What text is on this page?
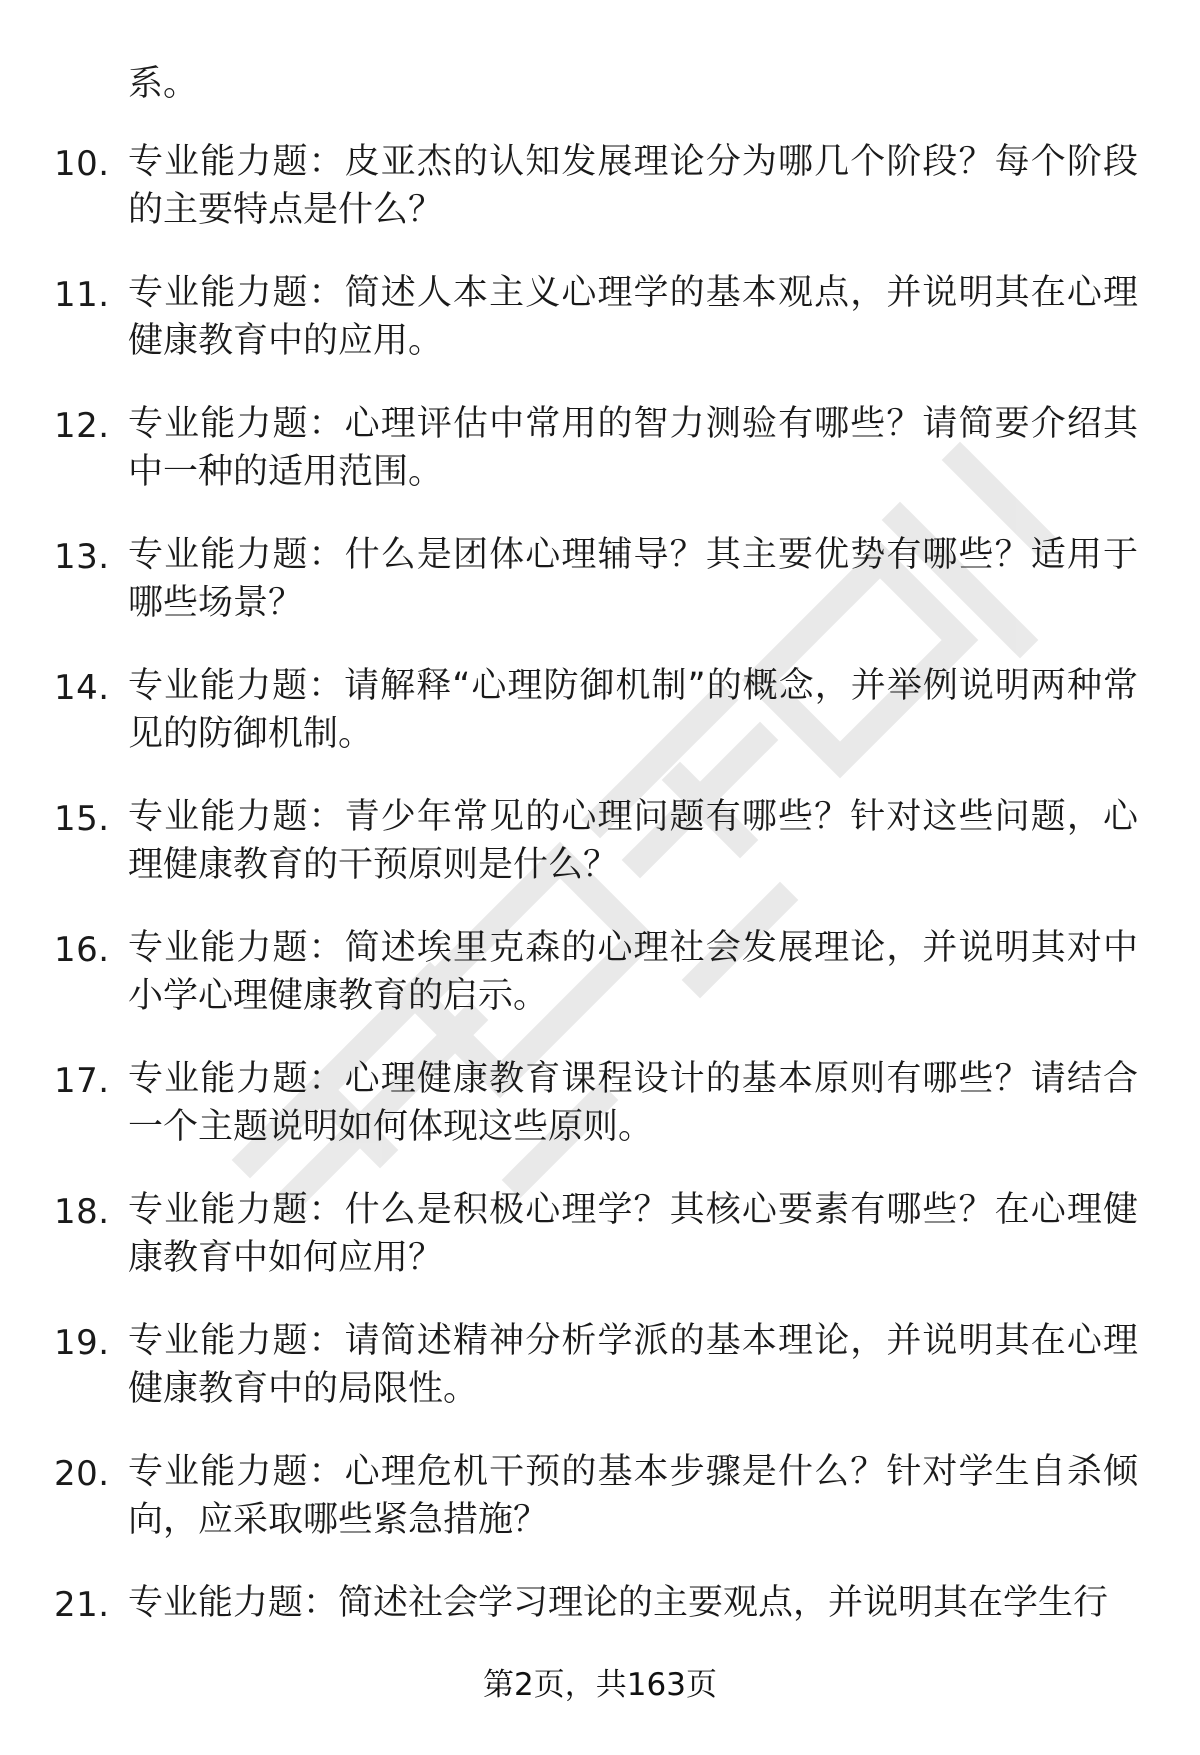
系。

10. 专业能力题：皮亚杰的认知发展理论分为哪几个阶段？每个阶段的主要特点是什么？
11. 专业能力题：简述人本主义心理学的基本观点，并说明其在心理健康教育中的应用。
12. 专业能力题：心理评估中常用的智力测验有哪些？请简要介绍其中一种的适用范围。
13. 专业能力题：什么是团体心理辅导？其主要优势有哪些？适用于哪些场景？
14. 专业能力题：请解释“心理防御机制”的概念，并举例说明两种常见的防御机制。
15. 专业能力题：青少年常见的心理问题有哪些？针对这些问题，心理健康教育的干预原则是什么？
16. 专业能力题：简述埃里克森的心理社会发展理论，并说明其对中小学心理健康教育的启示。
17. 专业能力题：心理健康教育课程设计的基本原则有哪些？请结合一个主题说明如何体现这些原则。
18. 专业能力题：什么是积极心理学？其核心要素有哪些？在心理健康教育中如何应用？
19. 专业能力题：请简述精神分析学派的基本理论，并说明其在心理健康教育中的局限性。
20. 专业能力题：心理危机干预的基本步骤是什么？针对学生自杀倾向，应采取哪些紧急措施？
21. 专业能力题：简述社会学习理论的主要观点，并说明其在学生行
第2页，共163页
